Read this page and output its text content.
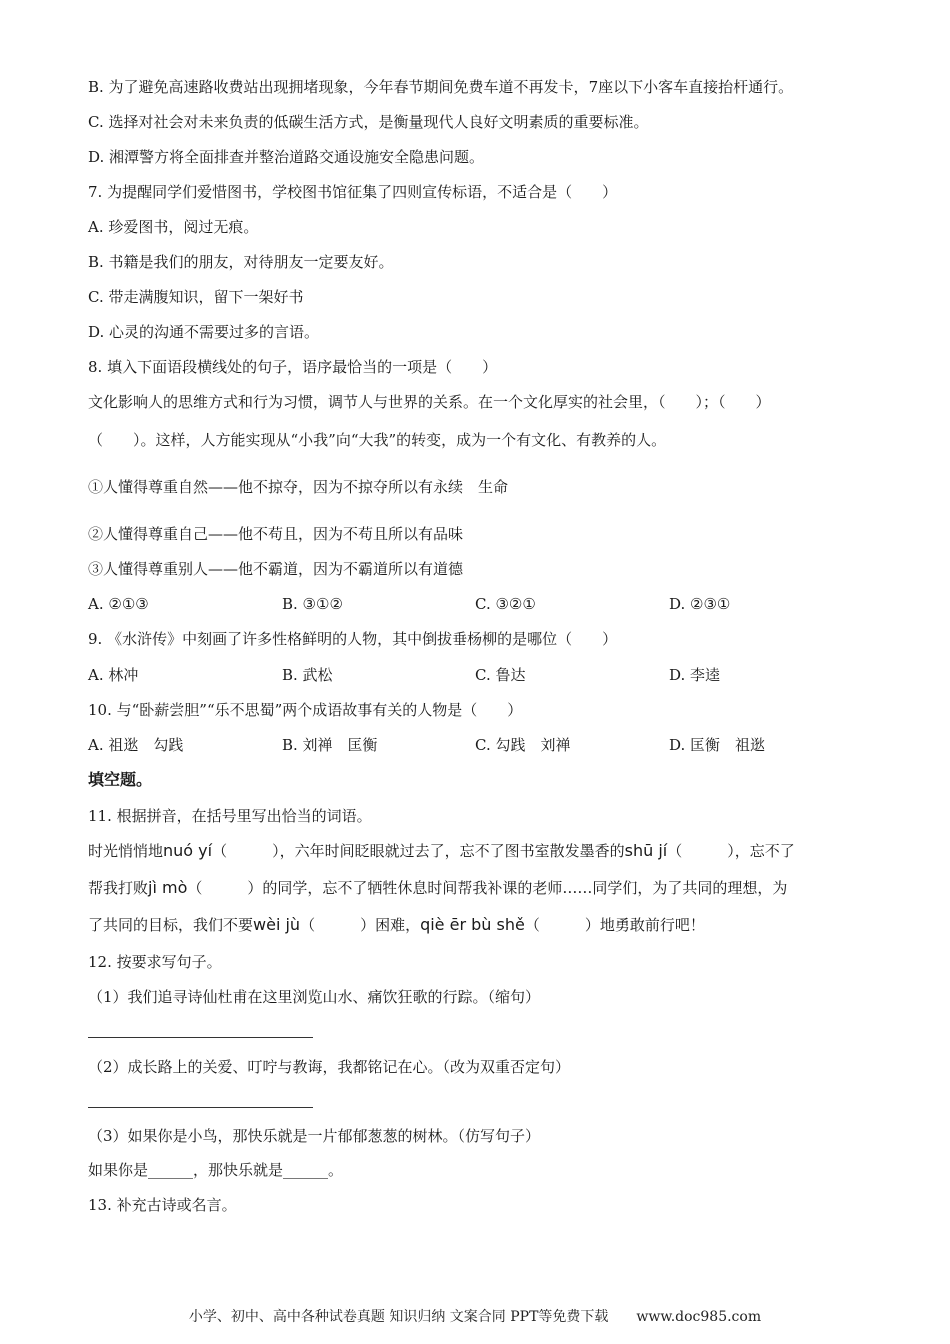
B. 为了避免高速路收费站出现拥堵现象，今年春节期间免费车道不再发卡，7座以下小客车直接抬杆通行。
C. 选择对社会对未来负责的低碳生活方式，是衡量现代人良好文明素质的重要标准。
D. 湘潭警方将全面排查并整治道路交通设施安全隐患问题。
7. 为提醒同学们爱惜图书，学校图书馆征集了四则宣传标语，不适合是（　　）
A. 珍爱图书，阅过无痕。
B. 书籍是我们的朋友，对待朋友一定要友好。
C. 带走满腹知识，留下一架好书
D. 心灵的沟通不需要过多的言语。
8. 填入下面语段横线处的句子，语序最恰当的一项是（　　）
文化影响人的思维方式和行为习惯，调节人与世界的关系。在一个文化厚实的社会里，（　　）；（　　）
（　　）。这样，人方能实现从“小我”向“大我”的转变，成为一个有文化、有教养的人。
①人懂得尊重自然——他不掠夺，因为不掠夺所以有永续　生命
②人懂得尊重自己——他不苟且，因为不苟且所以有品味
③人懂得尊重别人——他不霸道，因为不霸道所以有道德
A. ②①③	B. ③①②	C. ③②①	D. ②③①
9. 《水浒传》中刻画了许多性格鲜明的人物，其中倒拔垂杨柳的是哪位（　　）
A. 林冲	B. 武松	C. 鲁达	D. 李逵
10. 与“卧薪尝胆”“乐不思蜀”两个成语故事有关的人物是（　　）
A. 祖逖　勾践	B. 刘禅　匡衡	C. 勾践　刘禅	D. 匡衡　祖逖
填空题。
11. 根据拼音，在括号里写出恰当的词语。
时光悄悄地nuó yí（　　　），六年时间眨眼就过去了，忘不了图书室散发墨香的shū jí（　　　），忘不了
帮我打败jì mò（　　　）的同学，忘不了牺牲休息时间帮我补课的老师……同学们，为了共同的理想，为
了共同的目标，我们不要wèi jù（　　　）困难，qiè ēr bù shě（　　　）地勇敢前行吧！
12. 按要求写句子。
（1）我们追寻诗仙杜甫在这里浏览山水、痛饮狂歌的行踪。（缩句）
（2）成长路上的关爱、叮咛与教诲，我都铭记在心。（改为双重否定句）
（3）如果你是小鸟，那快乐就是一片郁郁葱葱的树林。（仿写句子）
如果你是______，那快乐就是______。
13. 补充古诗或名言。
小学、初中、高中各种试卷真题 知识归纳 文案合同 PPT等免费下载　　www.doc985.com
